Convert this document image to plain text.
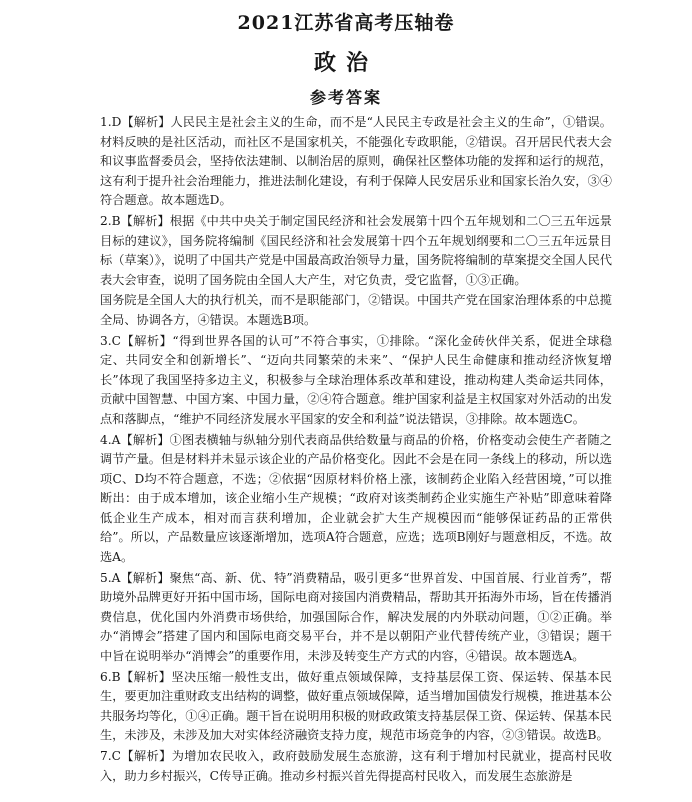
2021江苏省高考压轴卷
政治
参考答案

1.D【解析】人民民主是社会主义的生命，而不是“人民民主专政是社会主义的生命”，①错误。材料反映的是社区活动，而社区不是国家机关，不能强化专政职能，②错误。召开居民代表大会和议事监督委员会，坚持依法建制、以制治居的原则，确保社区整体功能的发挥和运行的规范，这有利于提升社会治理能力，推进法制化建设，有利于保障人民安居乐业和国家长治久安，③④符合题意。故本题选D。

2.B【解析】根据《中共中央关于制定国民经济和社会发展第十四个五年规划和二〇三五年远景目标的建议》，国务院将编制《国民经济和社会发展第十四个五年规划纲要和二〇三五年远景目标（草案）》，说明了中国共产党是中国最高政治领导力量，国务院将编制的草案提交全国人民代表大会审查，说明了国务院由全国人大产生，对它负责，受它监督，①③正确。

国务院是全国人大的执行机关，而不是职能部门，②错误。中国共产党在国家治理体系的中总揽全局、协调各方，④错误。本题选B项。

3.C【解析】“得到世界各国的认可”不符合事实，①排除。“深化金砖伙伴关系，促进全球稳定、共同安全和创新增长”、“迈向共同繁荣的未来”、“保护人民生命健康和推动经济恢复增长”体现了我国坚持多边主义，积极参与全球治理体系改革和建设，推动构建人类命运共同体，贡献中国智慧、中国方案、中国力量，②④符合题意。维护国家利益是主权国家对外活动的出发点和落脚点，“维护不同经济发展水平国家的安全和利益”说法错误，③排除。故本题选C。

4.A【解析】①图表横轴与纵轴分别代表商品供给数量与商品的价格，价格变动会使生产者随之调节产量。但是材料并未显示该企业的产品价格变化。因此不会是在同一条线上的移动，所以选项C、D均不符合题意，不选；②依据“因原材料价格上涨，该制药企业陷入经营困境，”可以推断出：由于成本增加，该企业缩小生产规模；“政府对该类制药企业实施生产补贴”即意味着降低企业生产成本，相对而言获利增加，企业就会扩大生产规模因而“能够保证药品的正常供给”。所以，产品数量应该逐渐增加，选项A符合题意，应选；选项B刚好与题意相反，不选。故选A。

5.A【解析】聚焦“高、新、优、特”消费精品，吸引更多“世界首发、中国首展、行业首秀”，帮助境外品牌更好开拓中国市场，国际电商对接国内消费精品，帮助其开拓海外市场，旨在传播消费信息，优化国内外消费市场供给，加强国际合作，解决发展的内外联动问题，①②正确。举办“消博会”搭建了国内和国际电商交易平台，并不是以朝阳产业代替传统产业，③错误；题干中旨在说明举办“消博会”的重要作用，未涉及转变生产方式的内容，④错误。故本题选A。

6.B【解析】坚决压缩一般性支出，做好重点领域保障，支持基层保工资、保运转、保基本民生，要更加注重财政支出结构的调整，做好重点领域保障，适当增加国债发行规模，推进基本公共服务均等化，①④正确。题干旨在说明用积极的财政政策支持基层保工资、保运转、保基本民生，未涉及，未涉及加大对实体经济融资支持力度，规范市场竞争的内容，②③错误。故选B。

7.C【解析】为增加农民收入，政府鼓励发展生态旅游，这有利于增加村民就业，提高村民收入，助力乡村振兴，C传导正确。推动乡村振兴首先得提高村民收入，而发展生态旅游是
